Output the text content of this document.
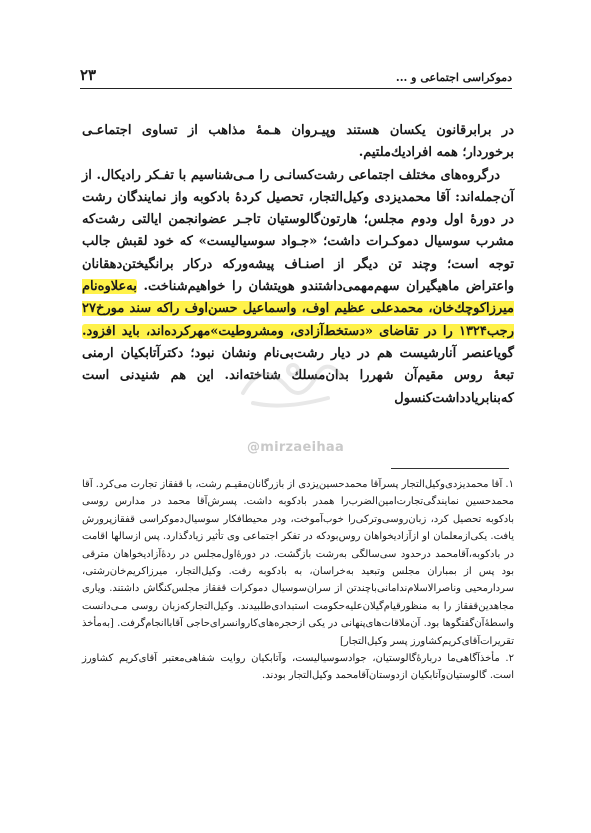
۲۳	دموکراسی اجتماعی و ...

در برابرقانون یکسان هستند وپیـروان هـمهٔ مذاهب از تساوی اجتماعـی برخوردار؛ همه افرادیك‌ملتیم.

درگروه‌های مختلف اجتماعی رشت‌کسانـی را مـی‌شناسیم با تفـکر رادیکال. از آن‌جمله‌اند: آقا محمدیزدی وکیل‌التجار، تحصیل کردهٔ بادکوبه واز نمایندگان رشت در دورهٔ اول ودوم مجلس؛ هارتون‌گالوستیان تاجـر عضوانجمن ایالتی رشت‌که مشرب سوسیال دموکـرات داشت؛ «جـواد سوسیالیست» که خود لقبش جالب توجه است؛ وچند تن دیگر از اصنـاف پیشه‌ورکه درکار برانگیختن‌دهقانان واعتراض ماهیگیران سهم‌مهمی‌داشتندو هویتشان را خواهیم‌شناخت. به‌علاوه‌نام میرزاکوچك‌خان، محمدعلی عظیم اوف، واسماعیل حسن‌اوف راکه سند مورخ۲۷ رجب۱۳۲۴ را در تقاضای «دستخط‌آزادی، ومشروطیت»مهرکرده‌اند، باید افزود. گویاعنصر آنارشیست هم در دیار رشت‌بی‌نام ونشان نبود؛ دکترآتابکیان ارمنی تبعهٔ روس مقیم‌آن شهررا بدان‌مسلك شناخته‌اند. این هم شنیدنی است که‌بنابریادداشت‌کنسول

@mirzaeihaa

۱. آقا محمدیزدی‌وکیل‌التجار پسرآقا محمدحسین‌یزدی از بازرگانان‌مقیـم رشت، با قفقاز تجارت می‌کرد. آقا محمدحسین نمایندگی‌تجارت‌امین‌الضرب‌را همدر بادکوبه داشت. پسرش‌آقا محمد در مدارس روسی بادکوبه تحصیل کرد، زبان‌روسی‌وترکی‌را خوب‌آموخت، ودر محیطافکار سوسیال‌دموکراسی قفقازپرورش یافت. یکی‌ازمعلمان او ازآزادیخواهان روس‌بودکه در تفکر اجتماعی وی تأثیر زیادگذارد. پس ازسالها اقامت در بادکوبه،آقامحمد درحدود سی‌سالگی به‌رشت بازگشت. در دورهٔ‌اول‌مجلس در ردهٔ‌آزادیخواهان مترقی بود پس از بمباران مجلس وتبعید به‌خراسان، به بادکوبه رفت. وکیل‌التجار، میرزاکریم‌خان‌رشتی، سردارمحیی وناصرالاسلام‌ندامانی‌باچندتن از سران‌سوسیال دموکرات قفقاز مجلس‌کنگاش داشتند. ویاری مجاهدین‌قفقاز را به منظورقیام‌گیلان‌علیه‌حکومت استبدادی‌طلبیدند. وکیل‌التجارکه‌زبان روسی مـی‌دانست واسطهٔ‌آن‌گفتگوها بود. آن‌ملاقات‌های‌پنهانی در یکی ازحجره‌های‌کاروانسرای‌حاجی آقاباانجام‌گرفت. [به‌مأخذ تقریرات‌آقای‌کریم‌کشاورز پسر وکیل‌التجار]

۲. مأخذآگاهی‌ما دربارهٔ‌گالوستیان، جوادسوسیالیست، وآتابکیان روایت شفاهی‌معتبر آقای‌کریم کشاورز است. گالوستیان‌وآتابکیان ازدوستان‌آقامحمد وکیل‌التجار بودند.
